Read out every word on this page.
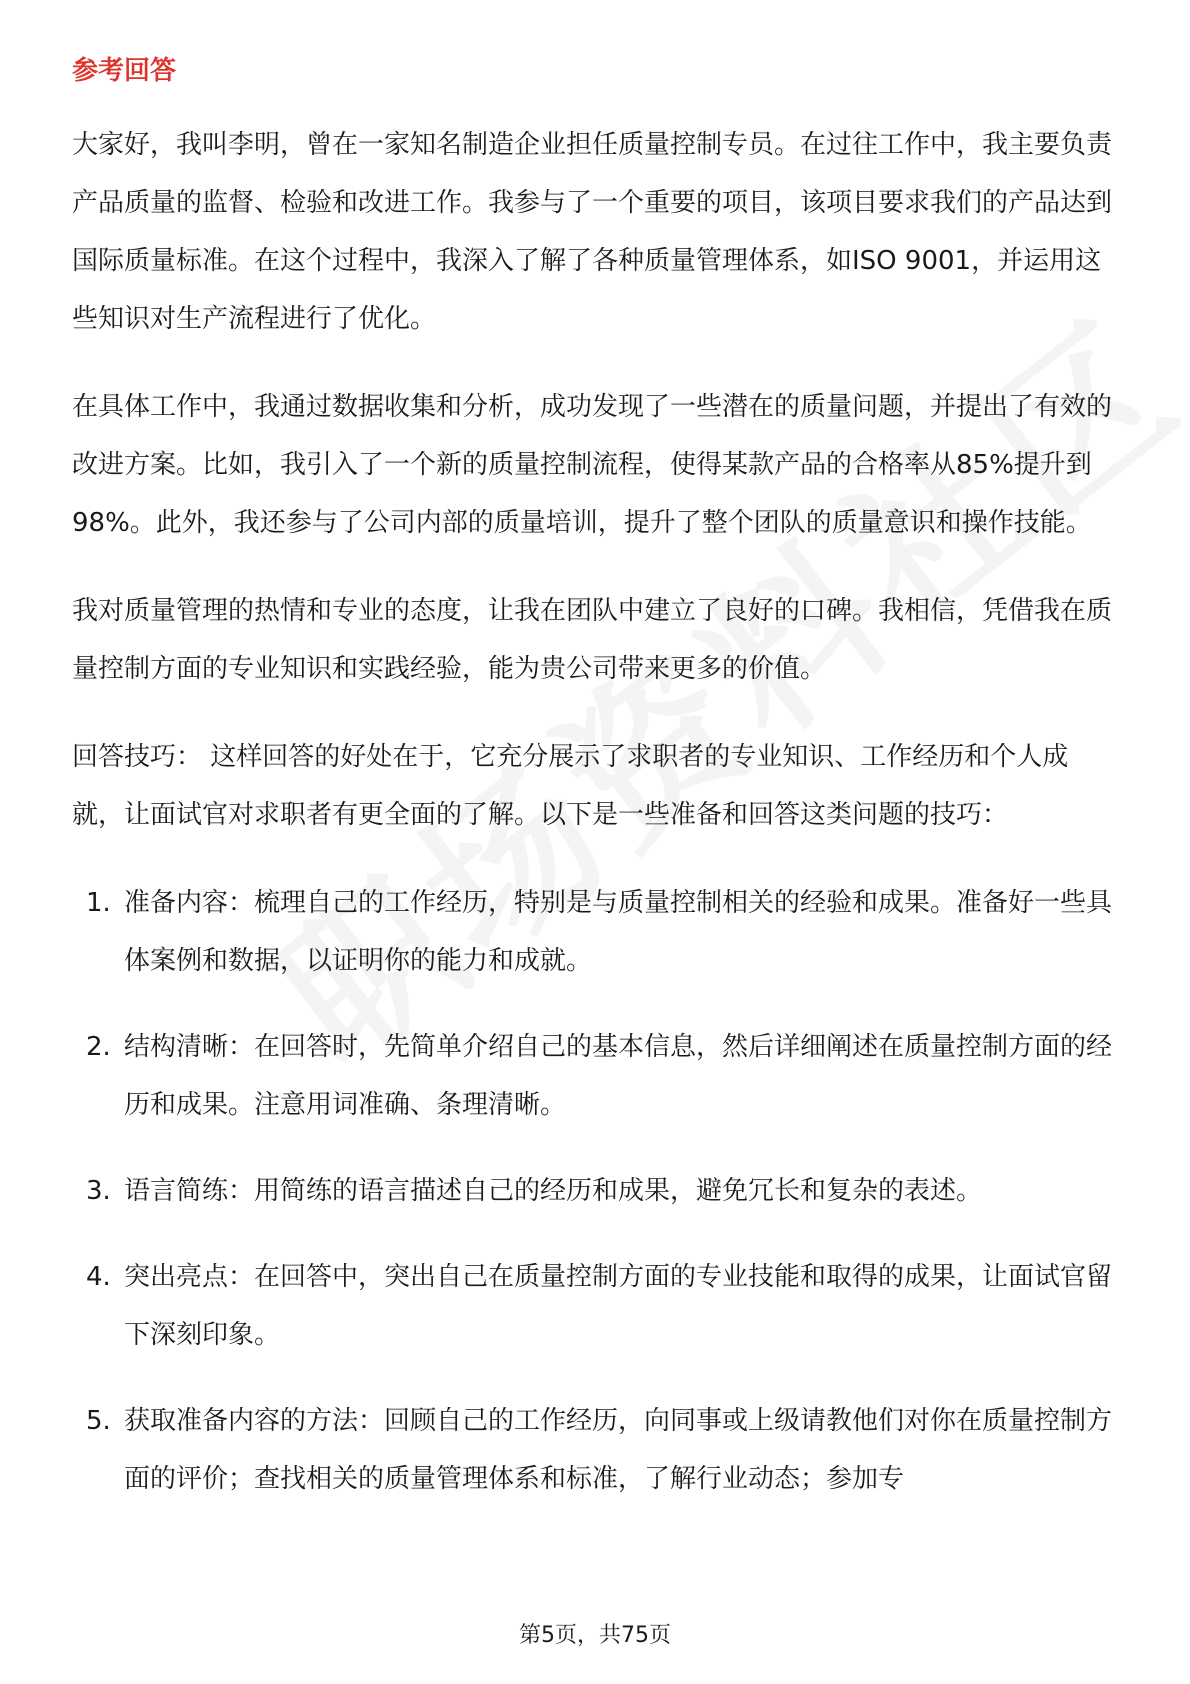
参考回答

大家好，我叫李明，曾在一家知名制造企业担任质量控制专员。在过往工作中，我主要负责产品质量的监督、检验和改进工作。我参与了一个重要的项目，该项目要求我们的产品达到国际质量标准。在这个过程中，我深入了解了各种质量管理体系，如ISO 9001，并运用这些知识对生产流程进行了优化。

在具体工作中，我通过数据收集和分析，成功发现了一些潜在的质量问题，并提出了有效的改进方案。比如，我引入了一个新的质量控制流程，使得某款产品的合格率从85%提升到98%。此外，我还参与了公司内部的质量培训，提升了整个团队的质量意识和操作技能。

我对质量管理的热情和专业的态度，让我在团队中建立了良好的口碑。我相信，凭借我在质量控制方面的专业知识和实践经验，能为贵公司带来更多的价值。

回答技巧： 这样回答的好处在于，它充分展示了求职者的专业知识、工作经历和个人成就，让面试官对求职者有更全面的了解。以下是一些准备和回答这类问题的技巧：

1. 准备内容：梳理自己的工作经历，特别是与质量控制相关的经验和成果。准备好一些具体案例和数据，以证明你的能力和成就。
2. 结构清晰：在回答时，先简单介绍自己的基本信息，然后详细阐述在质量控制方面的经历和成果。注意用词准确、条理清晰。
3. 语言简练：用简练的语言描述自己的经历和成果，避免冗长和复杂的表述。
4. 突出亮点：在回答中，突出自己在质量控制方面的专业技能和取得的成果，让面试官留下深刻印象。
5. 获取准备内容的方法：回顾自己的工作经历，向同事或上级请教他们对你在质量控制方面的评价；查找相关的质量管理体系和标准，了解行业动态；参加专
第5页，共75页
